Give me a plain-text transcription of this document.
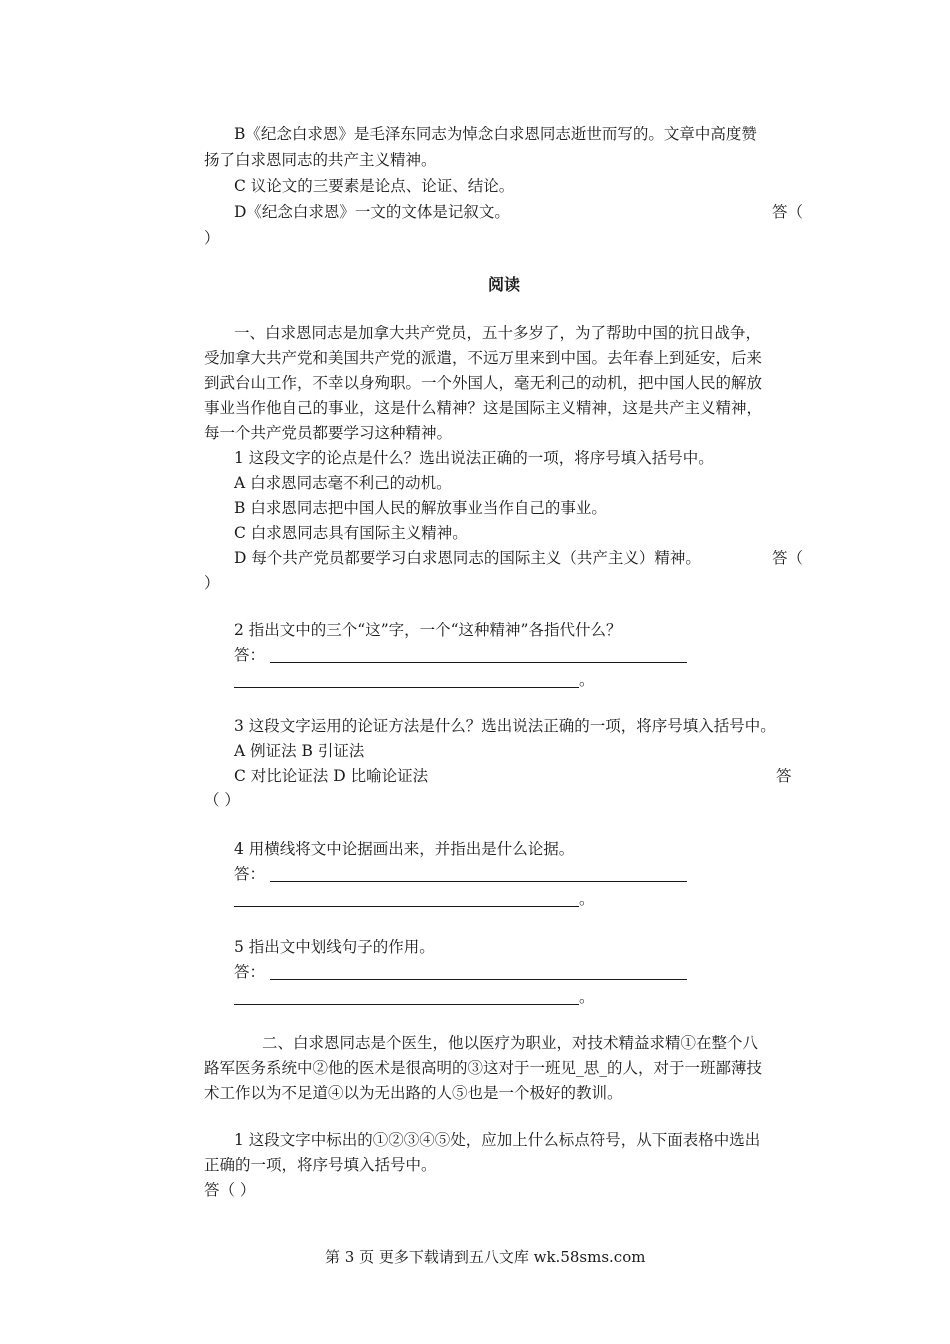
B《纪念白求恩》是毛泽东同志为悼念白求恩同志逝世而写的。文章中高度赞
扬了白求恩同志的共产主义精神。
C 议论文的三要素是论点、论证、结论。
D《纪念白求恩》一文的文体是记叙文。	答（
）
阅读
一、白求恩同志是加拿大共产党员，五十多岁了，为了帮助中国的抗日战争，
受加拿大共产党和美国共产党的派遣，不远万里来到中国。去年春上到延安，后来
到武台山工作，不幸以身殉职。一个外国人，毫无利己的动机，把中国人民的解放
事业当作他自己的事业，这是什么精神？这是国际主义精神，这是共产主义精神，
每一个共产党员都要学习这种精神。
1 这段文字的论点是什么？选出说法正确的一项，将序号填入括号中。
A 白求恩同志毫不利己的动机。
B 白求恩同志把中国人民的解放事业当作自己的事业。
C 白求恩同志具有国际主义精神。
D 每个共产党员都要学习白求恩同志的国际主义（共产主义）精神。	答（
）
2 指出文中的三个“这”字，一个“这种精神”各指代什么？
答：
。
3 这段文字运用的论证方法是什么？选出说法正确的一项，将序号填入括号中。
A 例证法 B 引证法
C 对比论证法 D 比喻论证法	答
（ ）
4 用横线将文中论据画出来，并指出是什么论据。
答：
。
5 指出文中划线句子的作用。
答：
。
二、白求恩同志是个医生，他以医疗为职业，对技术精益求精①在整个八
路军医务系统中②他的医术是很高明的③这对于一班见_思_的人，对于一班鄙薄技
术工作以为不足道④以为无出路的人⑤也是一个极好的教训。
1 这段文字中标出的①②③④⑤处，应加上什么标点符号，从下面表格中选出
正确的一项，将序号填入括号中。
答（ ）
第 3 页 更多下载请到五八文库 wk.58sms.com
